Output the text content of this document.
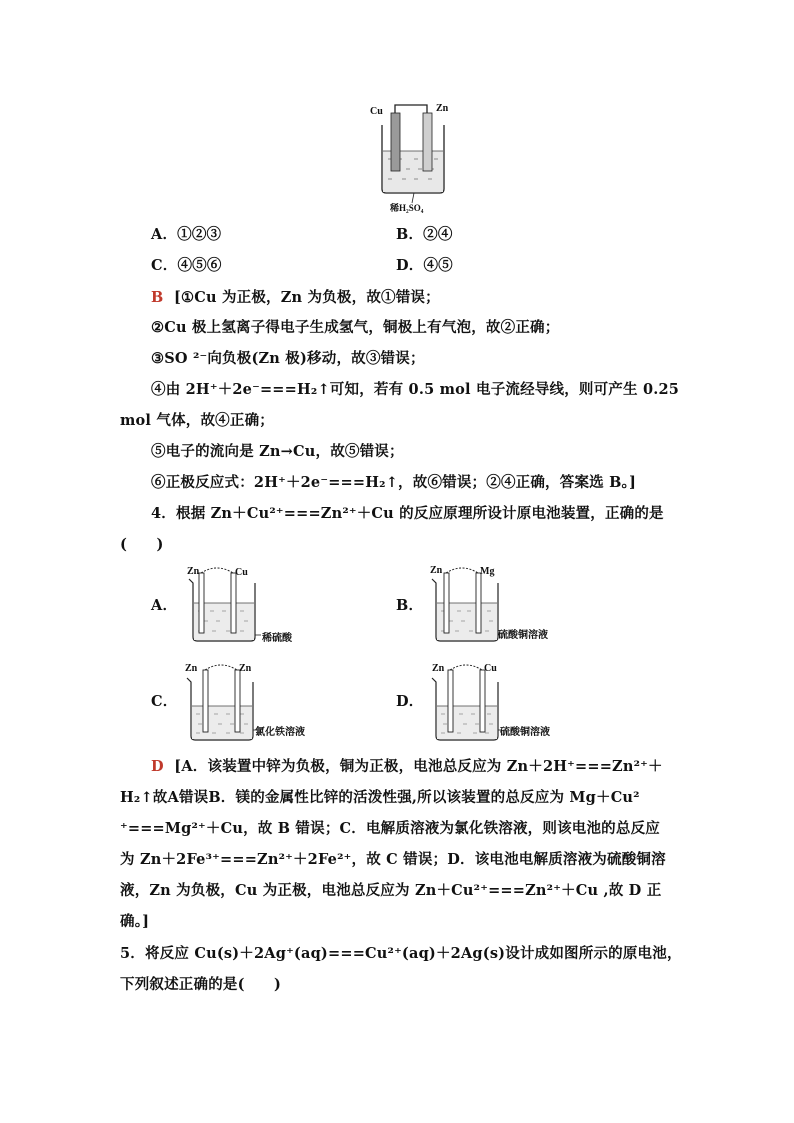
Cu	Zn
稀H₂SO₄
A．①②③	B．②④
C．④⑤⑥	D．④⑤
B [①Cu 为正极，Zn 为负极，故①错误；
②Cu 极上氢离子得电子生成氢气，铜极上有气泡，故②正确；
③SO ²⁻向负极(Zn 极)移动，故③错误；
④由 2H⁺＋2e⁻===H₂↑可知，若有 0.5 mol 电子流经导线，则可产生 0.25
mol 气体，故④正确；
⑤电子的流向是 Zn→Cu，故⑤错误；
⑥正极反应式：2H⁺＋2e⁻===H₂↑，故⑥错误；②④正确，答案选 B。]
4．根据 Zn＋Cu²⁺===Zn²⁺＋Cu 的反应原理所设计原电池装置，正确的是
(　　)
A．
Zn	Cu
稀硫酸
B．
Zn	Mg
硫酸铜溶液
C．
Zn	Zn
氯化铁溶液
D．
Zn	Cu
硫酸铜溶液
D [A．该装置中锌为负极，铜为正极，电池总反应为 Zn＋2H⁺===Zn²⁺＋
H₂↑故A错误B．镁的金属性比锌的活泼性强,所以该装置的总反应为 Mg＋Cu²
⁺===Mg²⁺＋Cu，故 B 错误；C．电解质溶液为氯化铁溶液，则该电池的总反应
为 Zn＋2Fe³⁺===Zn²⁺＋2Fe²⁺，故 C 错误；D．该电池电解质溶液为硫酸铜溶
液，Zn 为负极，Cu 为正极，电池总反应为 Zn＋Cu²⁺===Zn²⁺＋Cu ,故 D 正
确。]
5．将反应 Cu(s)＋2Ag⁺(aq)===Cu²⁺(aq)＋2Ag(s)设计成如图所示的原电池，
下列叙述正确的是(　　)
